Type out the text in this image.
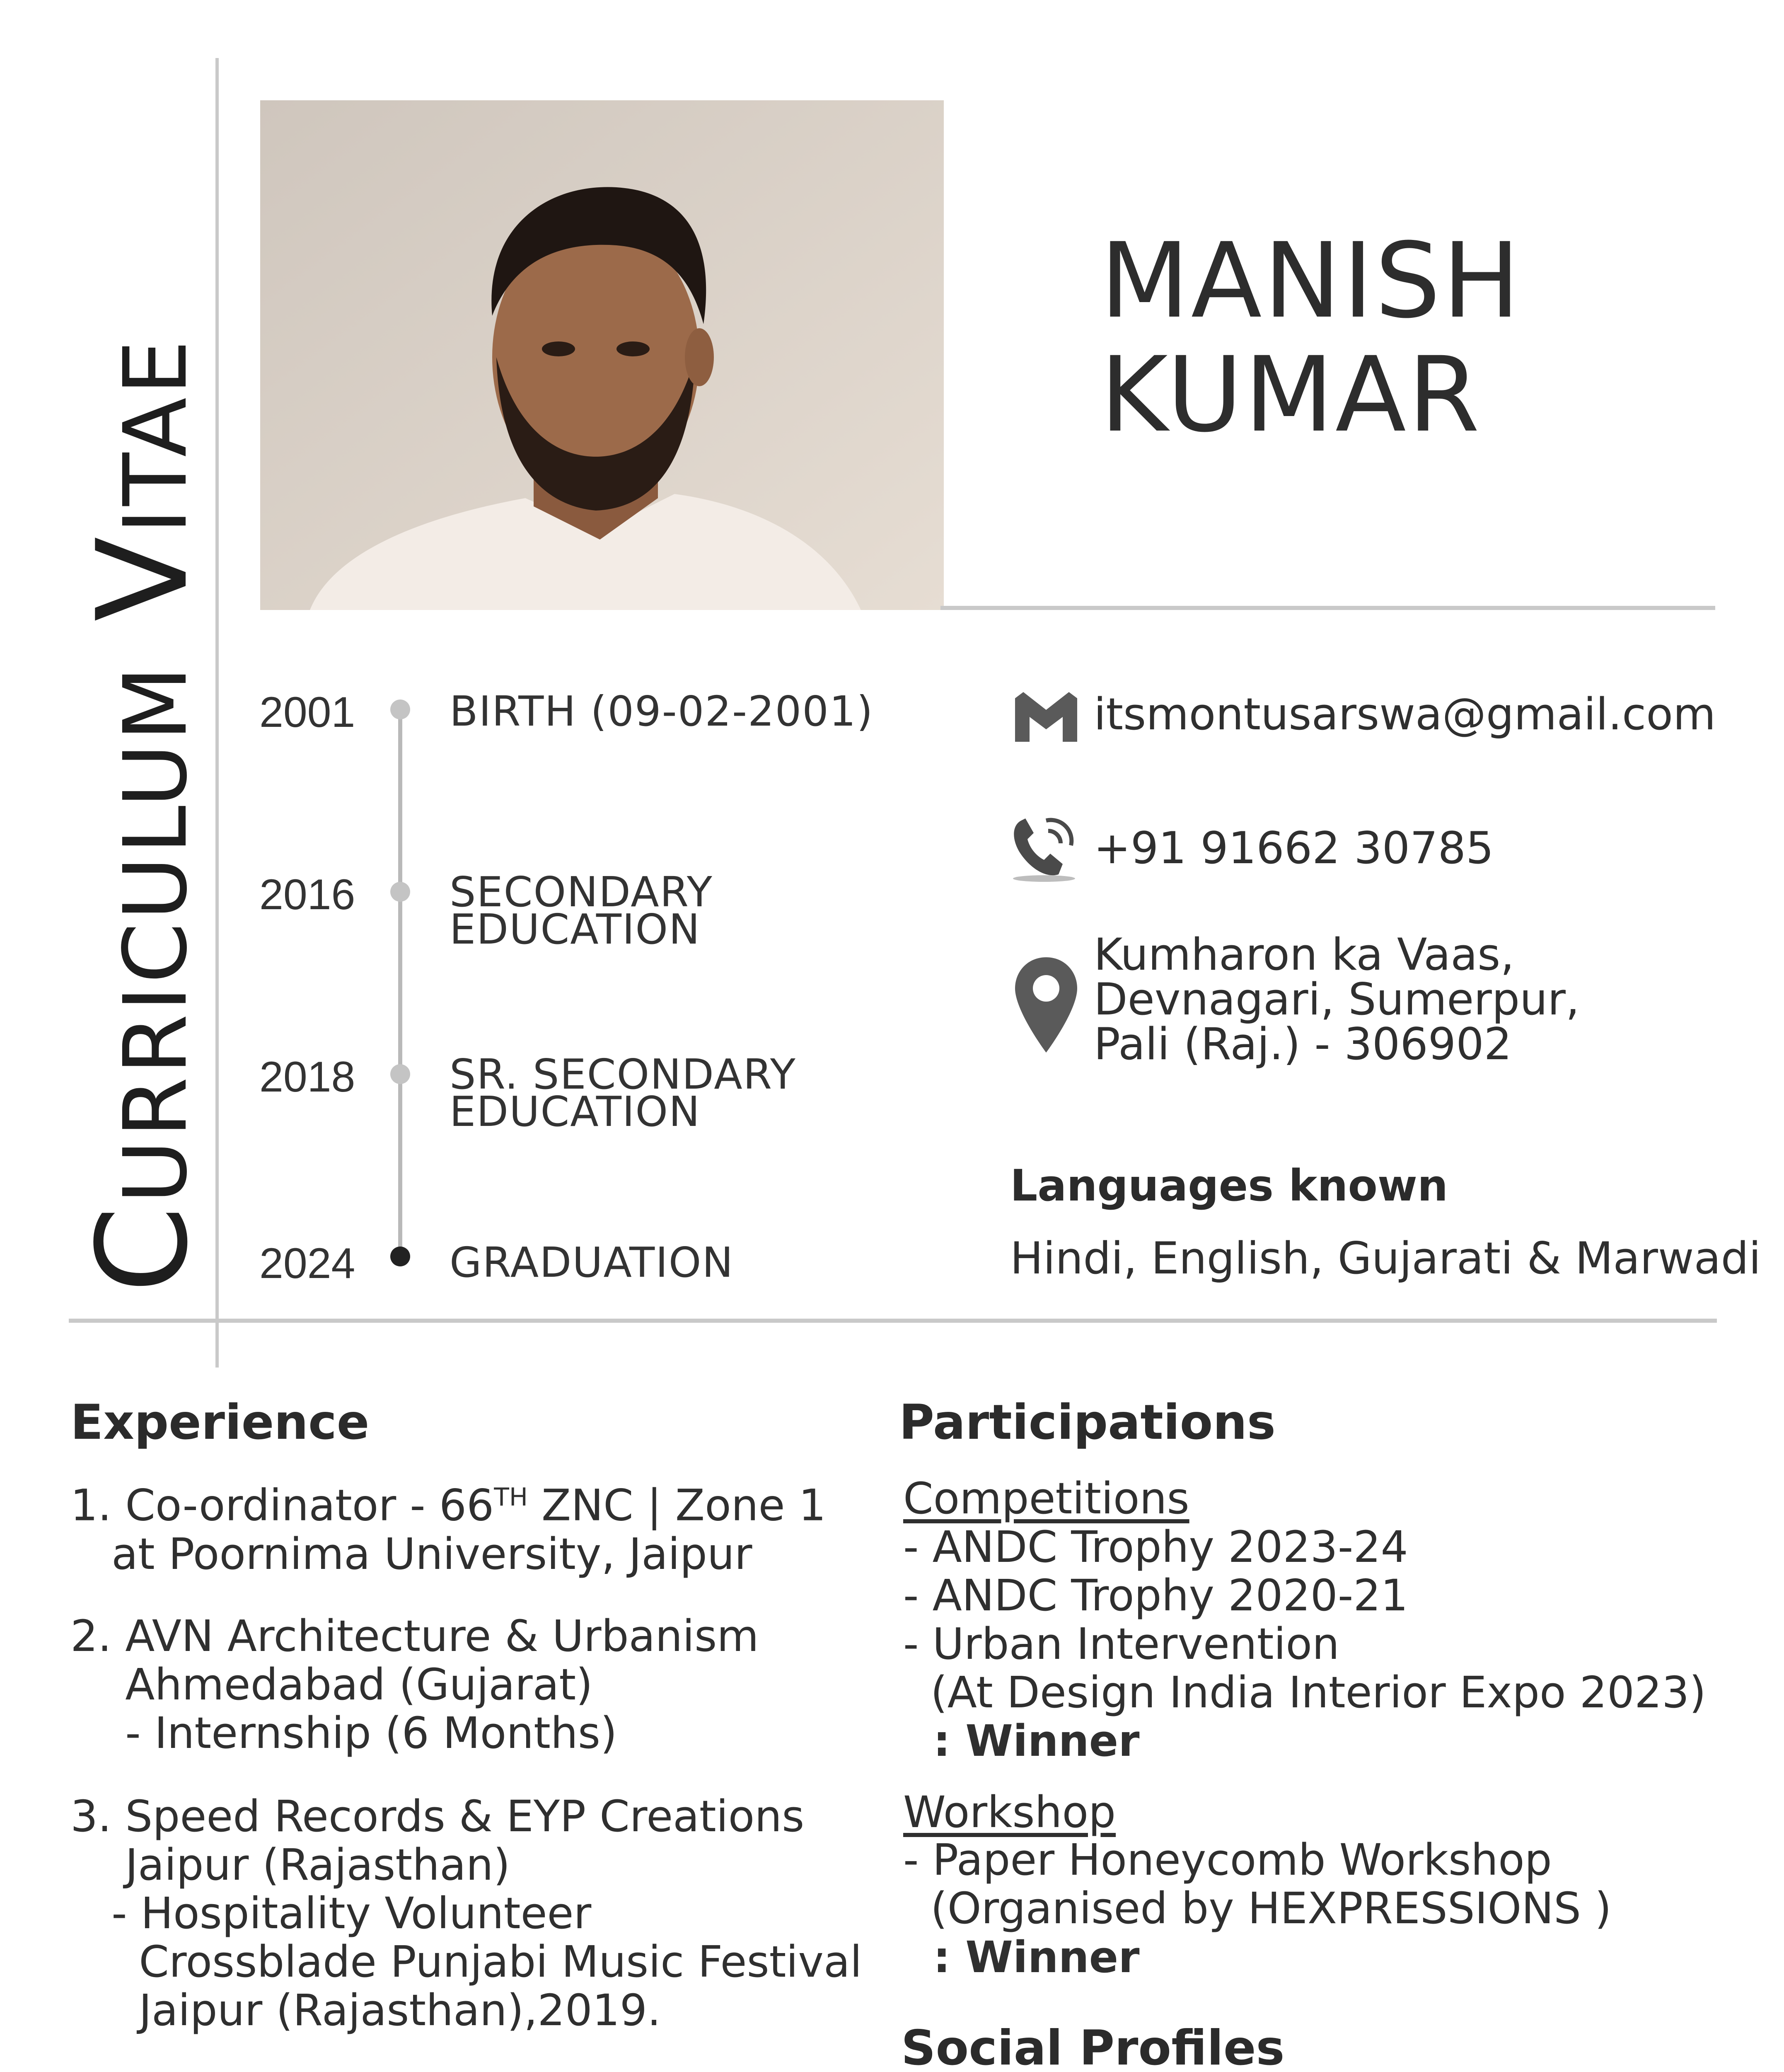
Curriculum Vitae
MANISH
KUMAR
2001 BIRTH (09-02-2001)
2016 SECONDARY
EDUCATION
2018 SR. SECONDARY
EDUCATION
2024 GRADUATION
itsmontusarswa@gmail.com
+91 91662 30785
Kumharon ka Vaas,
Devnagari, Sumerpur,
Pali (Raj.) - 306902
Languages known
Hindi, English, Gujarati & Marwadi
Experience
1. Co-ordinator - 66TH ZNC | Zone 1
at Poornima University, Jaipur
2. AVN Architecture & Urbanism
Ahmedabad (Gujarat)
- Internship (6 Months)
3. Speed Records & EYP Creations
Jaipur (Rajasthan)
- Hospitality Volunteer
Crossblade Punjabi Music Festival
Jaipur (Rajasthan),2019.
Participations
Competitions
- ANDC Trophy 2023-24
- ANDC Trophy 2020-21
- Urban Intervention
(At Design India Interior Expo 2023)
: Winner
Workshop
- Paper Honeycomb Workshop
(Organised by HEXPRESSIONS )
: Winner
Social Profiles
